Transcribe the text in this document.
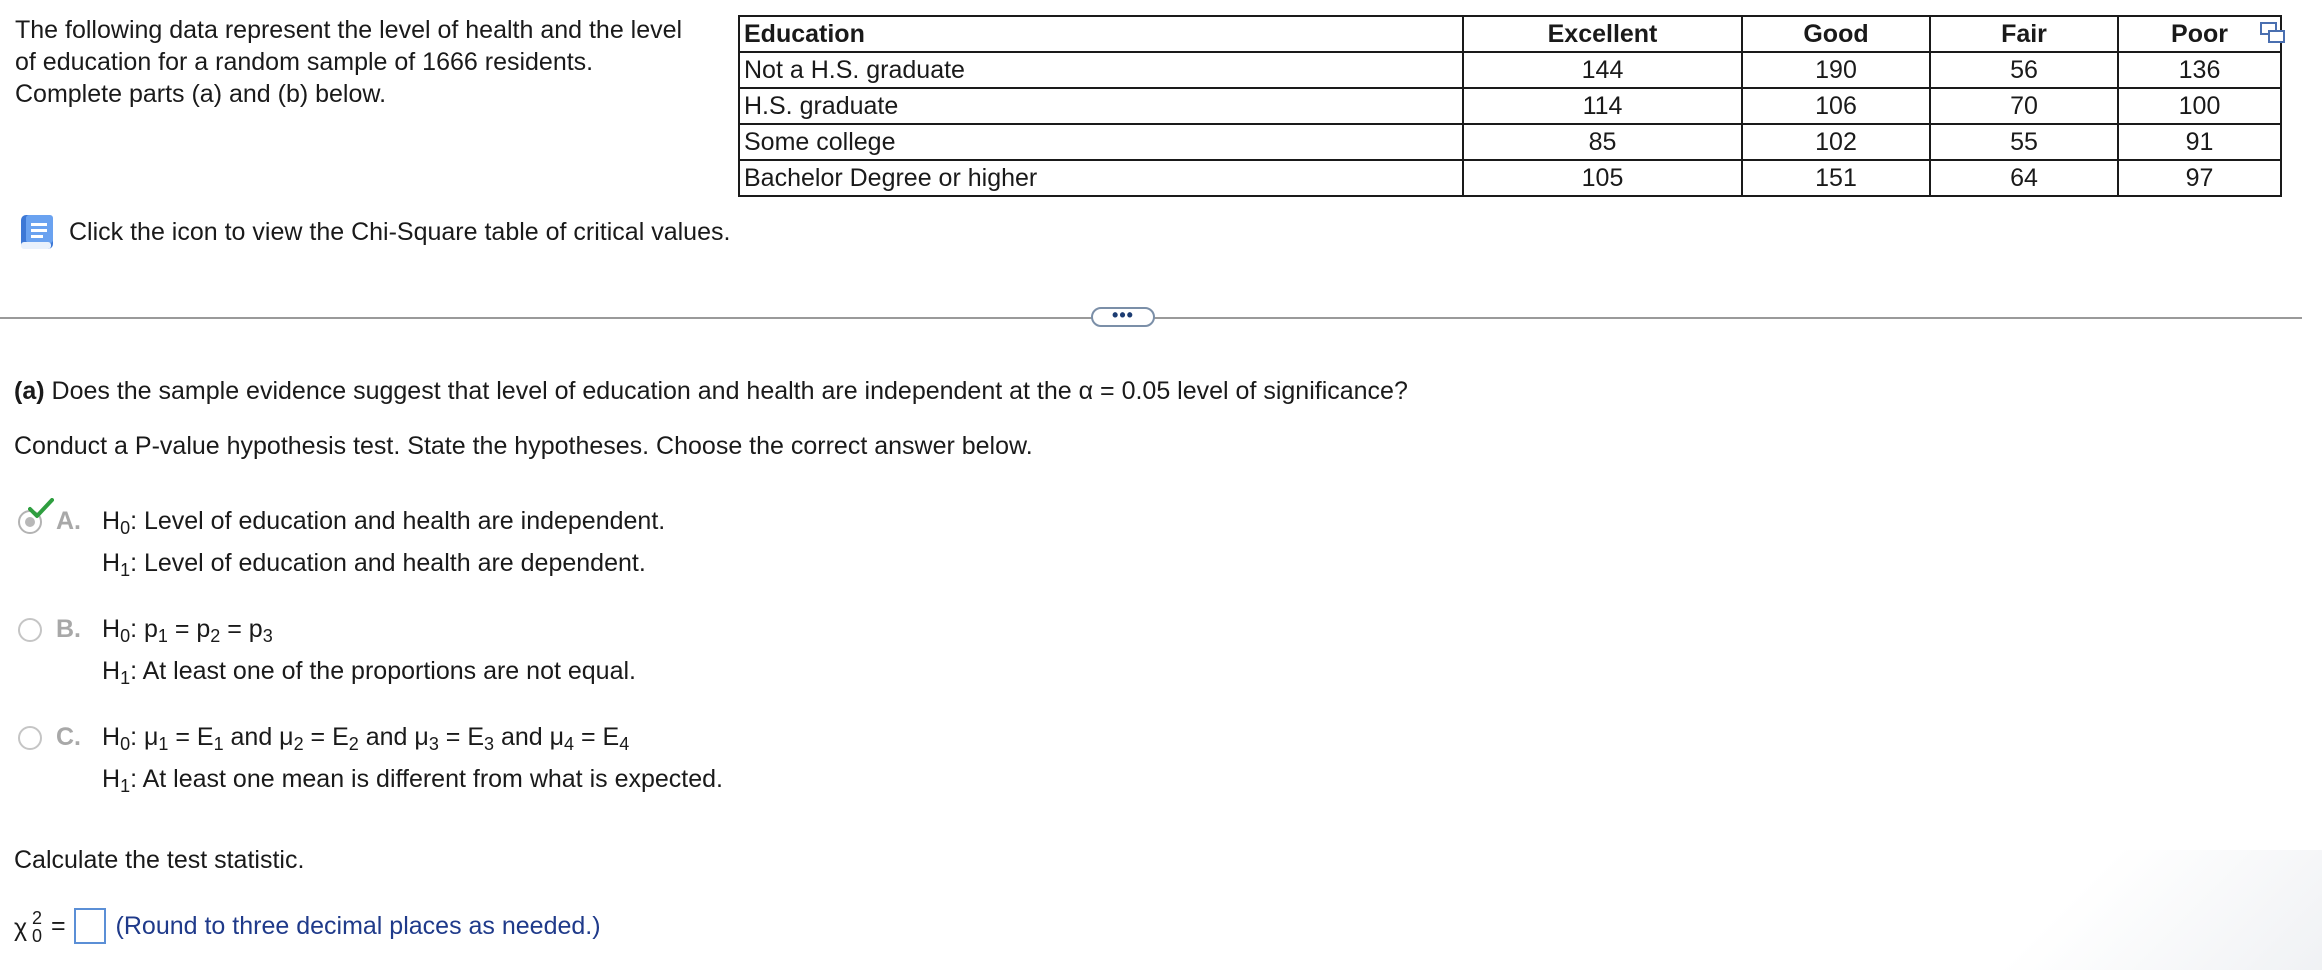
The following data represent the level of health and the level
of education for a random sample of 1666 residents.
Complete parts (a) and (b) below.
Education	Excellent	Good	Fair	Poor
Not a H.S. graduate	144	190	56	136
H.S. graduate	114	106	70	100
Some college	85	102	55	91
Bachelor Degree or higher	105	151	64	97
Click the icon to view the Chi-Square table of critical values.
•••
(a) Does the sample evidence suggest that level of education and health are independent at the α = 0.05 level of significance?
Conduct a P-value hypothesis test. State the hypotheses. Choose the correct answer below.
A. $H_0$: Level of education and health are independent.
$H_1$: Level of education and health are dependent.
B. $H_0$: $p_1 = p_2 = p_3$
$H_1$: At least one of the proportions are not equal.
C. $H_0$: $\mu_1 = E_1$ and $\mu_2 = E_2$ and $\mu_3 = E_3$ and $\mu_4 = E_4$
$H_1$: At least one mean is different from what is expected.
Calculate the test statistic.
χ 2
0 = (Round to three decimal places as needed.)
